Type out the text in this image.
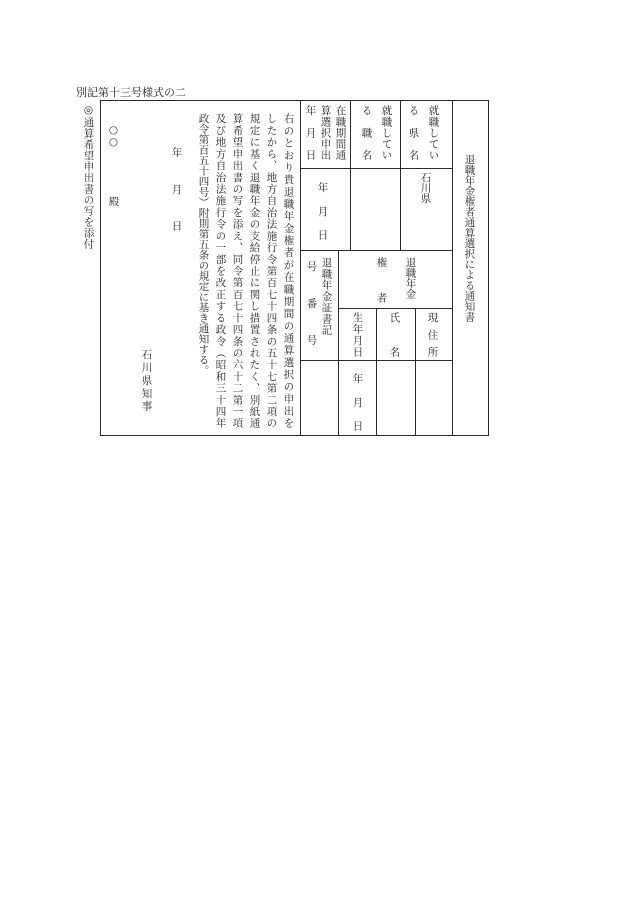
別記第十三号様式の二
退職年金権者通算選択による通知書
就職してい
る県名
石川県
就職してい
る職名
在職期間通
算選択申出
年月日
年月日
退職年金
権者
現住所
氏名
生年月日
年月日
退職年金証書記
号番号
右のとおり貴退職年金権者が在職期間の通算選択の申出を
したから、地方自治法施行令第百七十四条の五十七第二項の
規定に基く退職年金の支給停止に関し措置されたく、別紙通
算希望申出書の写を添え、同令第百七十四条の六十二第一項
及び地方自治法施行令の一部を改正する政令（昭和三十四年
政令第百五十四号）附則第五条の規定に基き通知する。
年月日
石川県知事
○○
殿
◎通算希望申出書の写を添付
